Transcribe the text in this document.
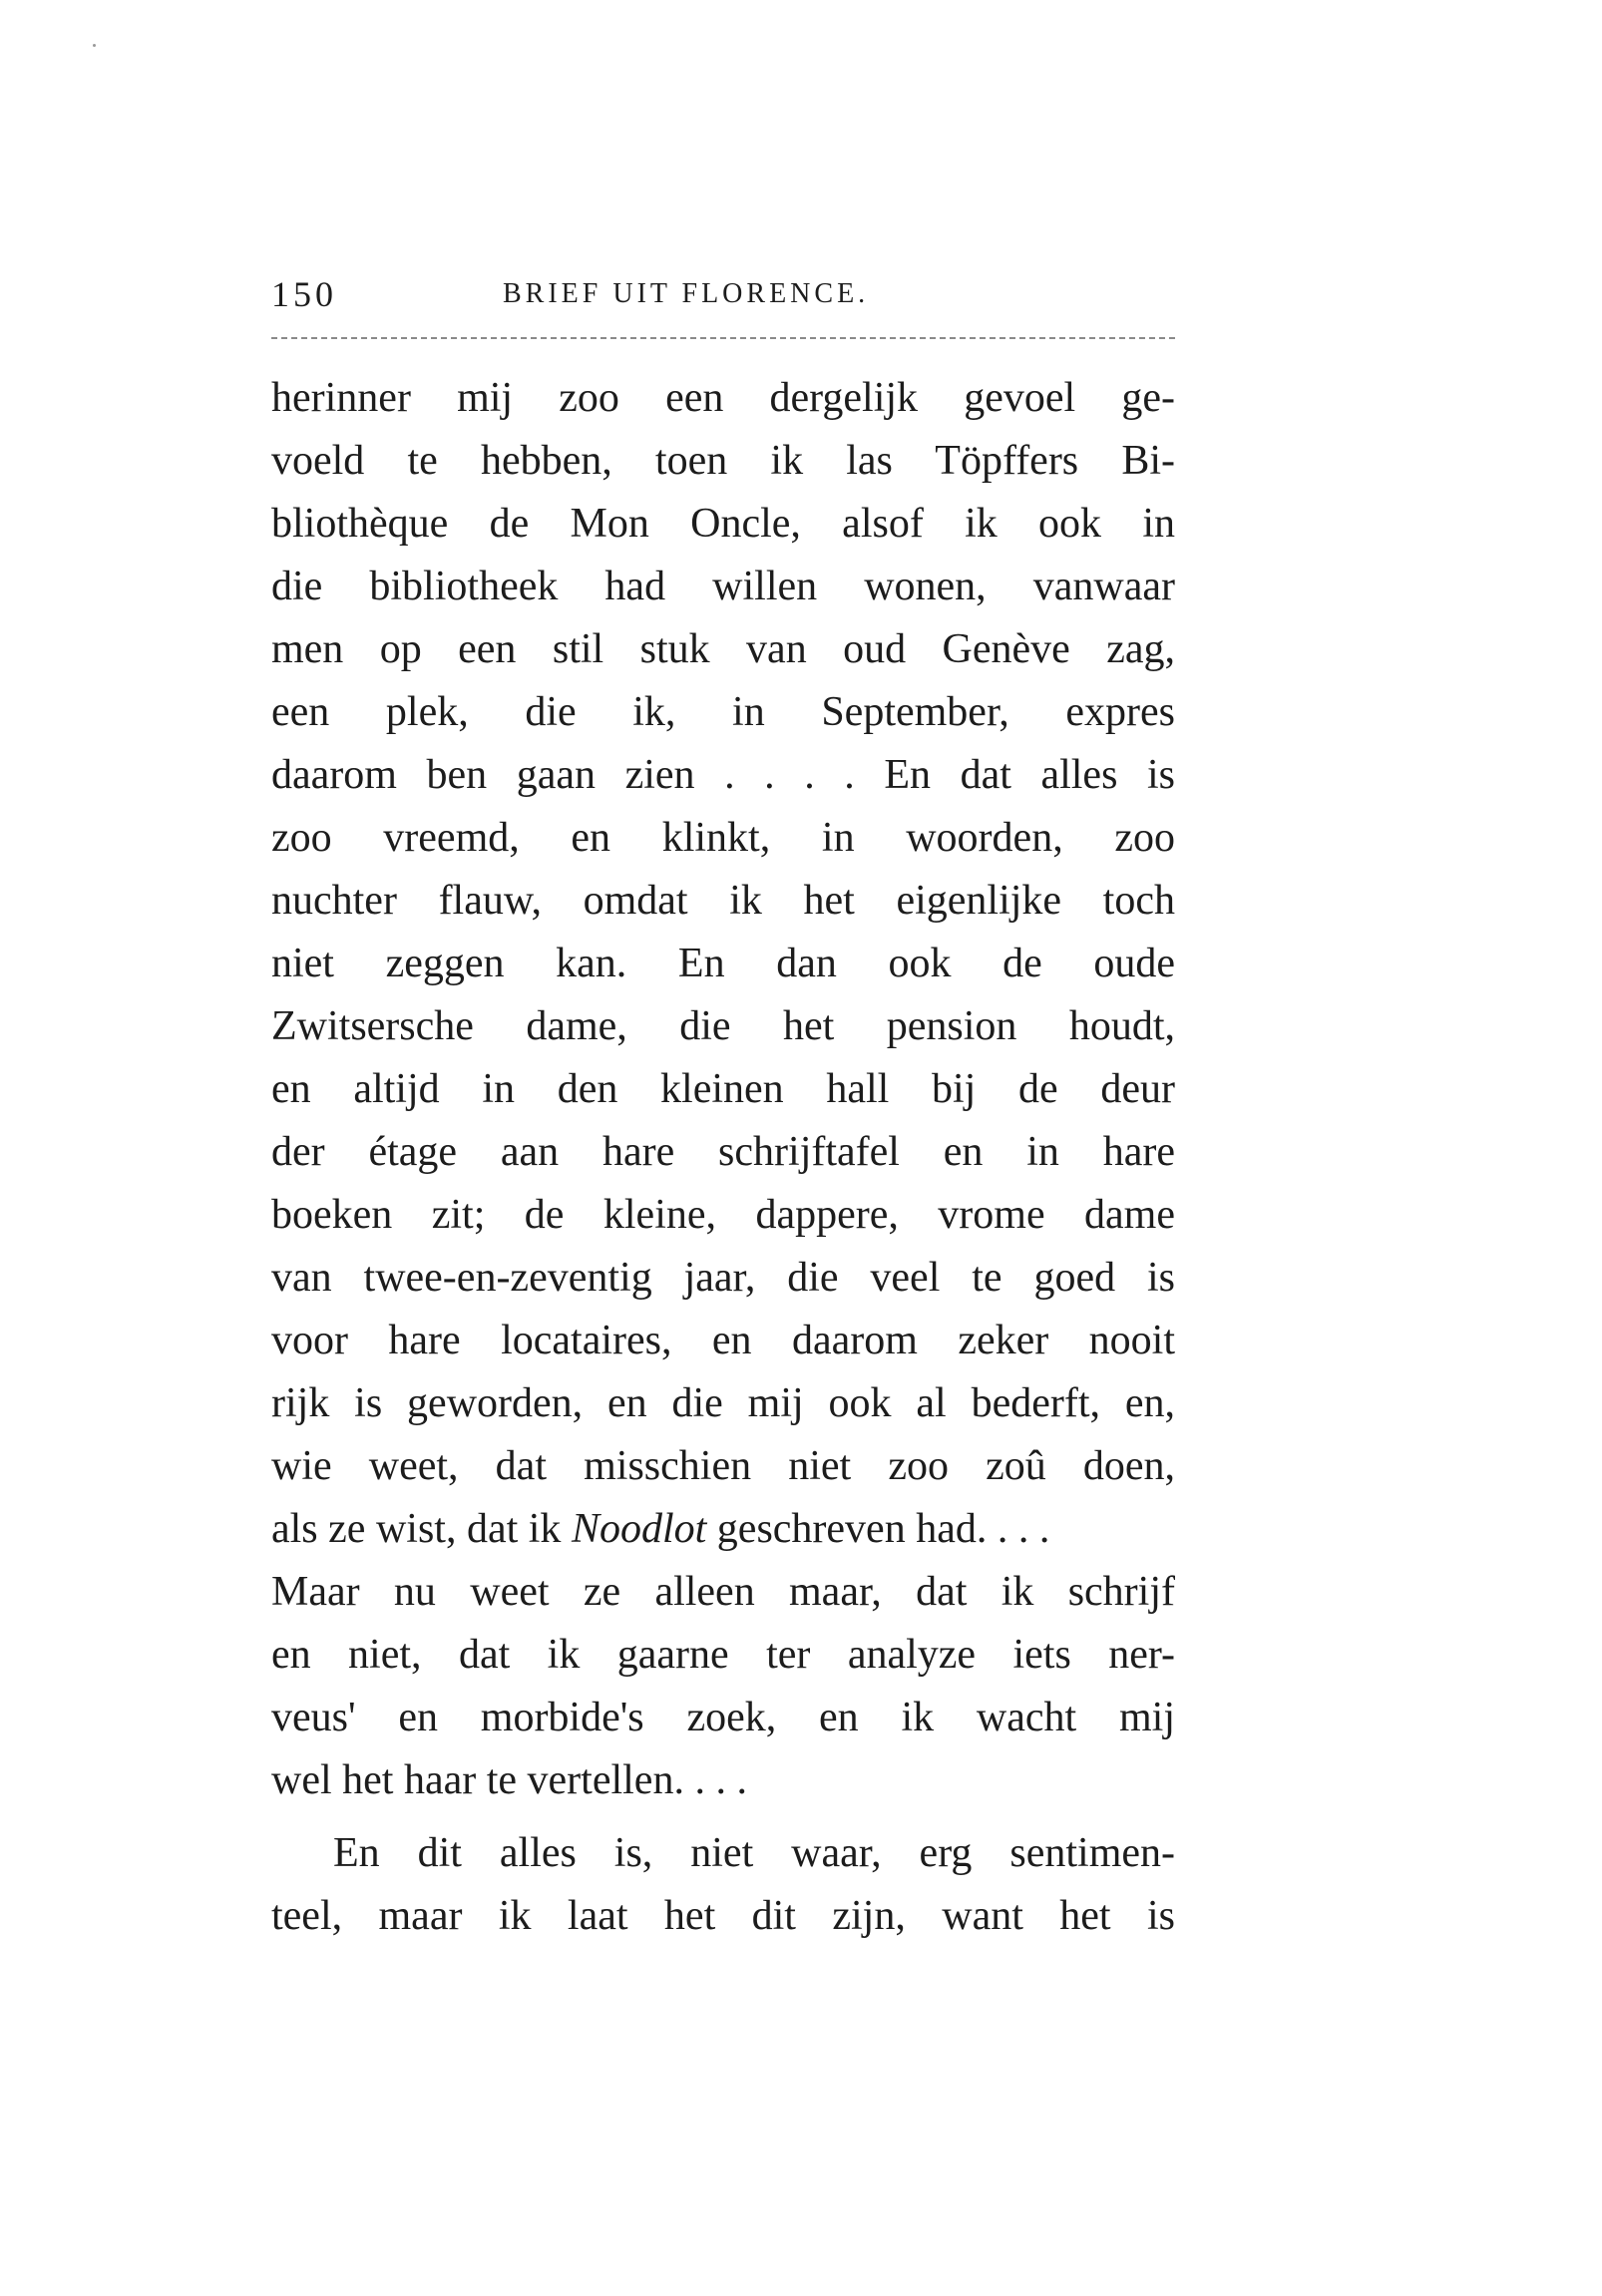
150	BRIEF UIT FLORENCE.
herinner mij zoo een dergelijk gevoel ge-
voeld te hebben, toen ik las Töpffers Bi-
bliothèque de Mon Oncle, alsof ik ook in
die bibliotheek had willen wonen, vanwaar
men op een stil stuk van oud Genève zag,
een plek, die ik, in September, expres
daarom ben gaan zien . . . . En dat alles is
zoo vreemd, en klinkt, in woorden, zoo
nuchter flauw, omdat ik het eigenlijke toch
niet zeggen kan. En dan ook de oude
Zwitsersche dame, die het pension houdt,
en altijd in den kleinen hall bij de deur
der étage aan hare schrijftafel en in hare
boeken zit; de kleine, dappere, vrome dame
van twee-en-zeventig jaar, die veel te goed is
voor hare locataires, en daarom zeker nooit
rijk is geworden, en die mij ook al bederft, en,
wie weet, dat misschien niet zoo zoû doen,
als ze wist, dat ik Noodlot geschreven had. . . .
Maar nu weet ze alleen maar, dat ik schrijf
en niet, dat ik gaarne ter analyze iets ner-
veus' en morbide's zoek, en ik wacht mij
wel het haar te vertellen. . . .
En dit alles is, niet waar, erg sentimen-
teel, maar ik laat het dit zijn, want het is
